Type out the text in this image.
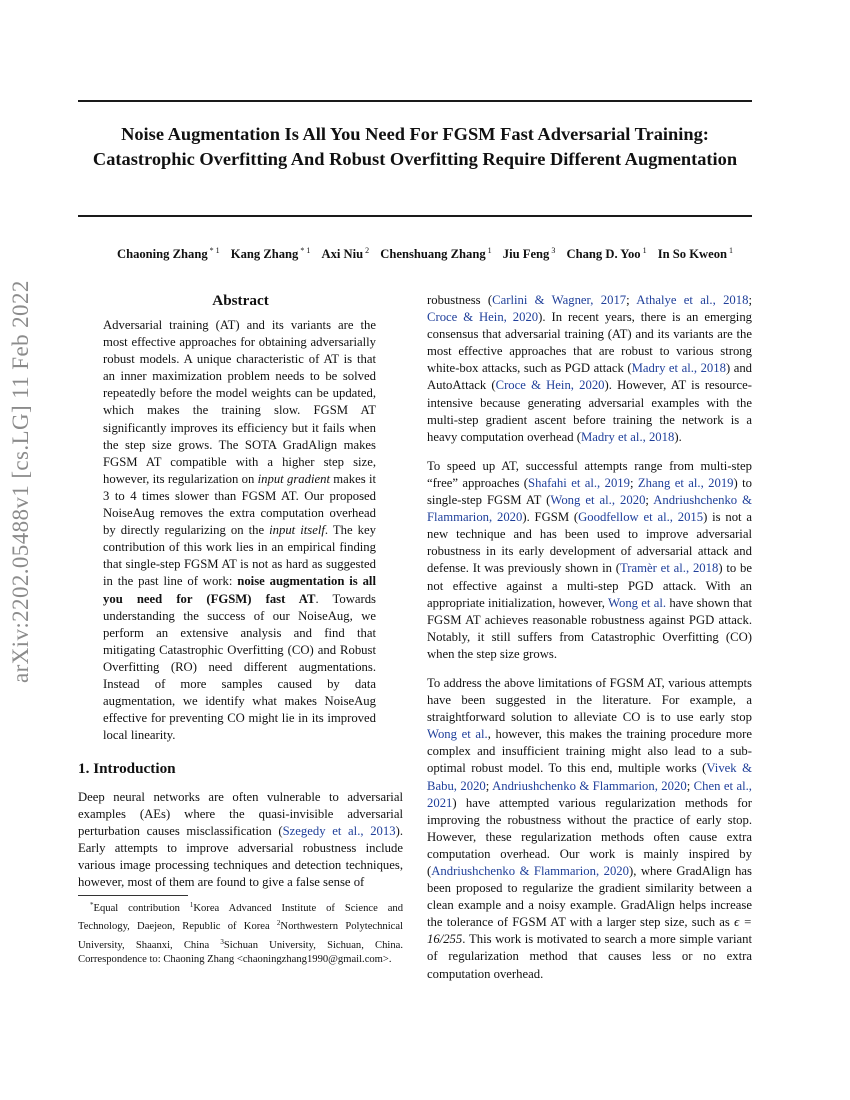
arXiv:2202.05488v1 [cs.LG] 11 Feb 2022
Noise Augmentation Is All You Need For FGSM Fast Adversarial Training: Catastrophic Overfitting And Robust Overfitting Require Different Augmentation
Chaoning Zhang $^{* 1}$ Kang Zhang $^{* 1}$ Axi Niu $^2$ Chenshuang Zhang $^1$ Jiu Feng $^3$ Chang D. Yoo $^1$ In So Kweon $^1$
Abstract

Adversarial training (AT) and its variants are the most effective approaches for obtaining adversarially robust models. A unique characteristic of AT is that an inner maximization problem needs to be solved repeatedly before the model weights can be updated, which makes the training slow. FGSM AT significantly improves its efficiency but it fails when the step size grows. The SOTA GradAlign makes FGSM AT compatible with a higher step size, however, its regularization on input gradient makes it 3 to 4 times slower than FGSM AT. Our proposed NoiseAug removes the extra computation overhead by directly regularizing on the input itself. The key contribution of this work lies in an empirical finding that single-step FGSM AT is not as hard as suggested in the past line of work: noise augmentation is all you need for (FGSM) fast AT. Towards understanding the success of our NoiseAug, we perform an extensive analysis and find that mitigating Catastrophic Overfitting (CO) and Robust Overfitting (RO) need different augmentations. Instead of more samples caused by data augmentation, we identify what makes NoiseAug effective for preventing CO might lie in its improved local linearity.

1. Introduction

Deep neural networks are often vulnerable to adversarial examples (AEs) where the quasi-invisible adversarial perturbation causes misclassification (Szegedy et al., 2013). Early attempts to improve adversarial robustness include various image processing techniques and detection techniques, however, most of them are found to give a false sense of

*Equal contribution $^1$Korea Advanced Institute of Science and Technology, Daejeon, Republic of Korea $^2$Northwestern Polytechnical University, Shaanxi, China $^3$Sichuan University, Sichuan, China. Correspondence to: Chaoning Zhang <chaoningzhang1990@gmail.com>.

robustness (Carlini & Wagner, 2017; Athalye et al., 2018; Croce & Hein, 2020). In recent years, there is an emerging consensus that adversarial training (AT) and its variants are the most effective approaches that are robust to various strong white-box attacks, such as PGD attack (Madry et al., 2018) and AutoAttack (Croce & Hein, 2020). However, AT is resource-intensive because generating adversarial examples with the multi-step gradient ascent before training the network is a heavy computation overhead (Madry et al., 2018).

To speed up AT, successful attempts range from multi-step “free” approaches (Shafahi et al., 2019; Zhang et al., 2019) to single-step FGSM AT (Wong et al., 2020; Andriushchenko & Flammarion, 2020). FGSM (Goodfellow et al., 2015) is not a new technique and has been used to improve adversarial robustness in its early development of adversarial attack and defense. It was previously shown in (Tramèr et al., 2018) to be not effective against a multi-step PGD attack. With an appropriate initialization, however, Wong et al. have shown that FGSM AT achieves reasonable robustness against PGD attack. Notably, it still suffers from Catastrophic Overfitting (CO) when the step size grows.

To address the above limitations of FGSM AT, various attempts have been suggested in the literature. For example, a straightforward solution to alleviate CO is to use early stop Wong et al., however, this makes the training procedure more complex and insufficient training might also lead to a sub-optimal robust model. To this end, multiple works (Vivek & Babu, 2020; Andriushchenko & Flammarion, 2020; Chen et al., 2021) have attempted various regularization methods for improving the robustness without the practice of early stop. However, these regularization methods often cause extra computation overhead. Our work is mainly inspired by (Andriushchenko & Flammarion, 2020), where GradAlign has been proposed to regularize the gradient similarity between a clean example and a noisy example. GradAlign helps increase the tolerance of FGSM AT with a larger step size, such as ϵ = 16/255. This work is motivated to search a more simple variant of regularization method that causes less or no extra computation overhead.
